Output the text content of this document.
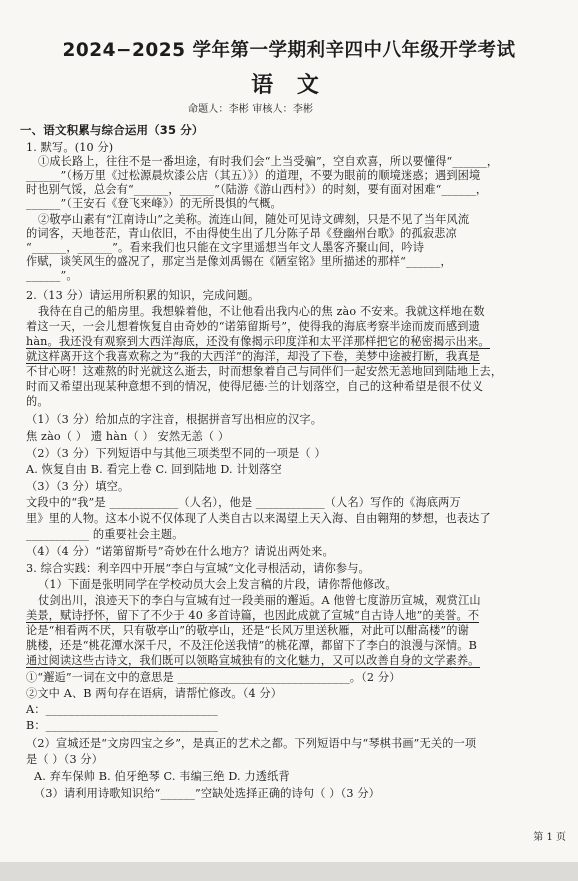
2024−2025 学年第一学期利辛四中八年级开学考试
语 文
命题人：李彬 审核人：李彬
一、语文积累与综合运用（35 分）
1. 默写。(10 分)
①成长路上，往往不是一番坦途，有时我们会“上当受骗”，空自欢喜，所以要懂得“______，
______”（杨万里《过松源晨炊漆公店（其五）》）的道理，不要为眼前的顺境迷惑；遇到困境
时也别气馁，总会有“______，______”（陆游《游山西村》）的时刻，要有面对困难“______，
______”（王安石《登飞来峰》）的无所畏惧的气概。
②敬亭山素有“江南诗山”之美称。流连山间，随处可见诗文碑刻，只是不见了当年风流
的词客，天地苍茫，青山依旧，不由得使生出了几分陈子昂《登幽州台歌》的孤寂悲凉
“______，______”。看来我们也只能在文字里遥想当年文人墨客齐聚山间，吟诗
作赋，谈笑风生的盛况了，那定当是像刘禹锡在《陋室铭》里所描述的那样“______，
______”。
2.（13 分）请运用所积累的知识，完成问题。
我待在自己的船房里。我想躲着他，不让他看出我内心的焦 zào 不安来。我就这样地在数
着这一天，一会儿想着恢复自由奇妙的“诺第留斯号”，使得我的海底考察半途而废而感到遗
hàn。我还没有观察到大西洋海底，还没有像揭示印度洋和太平洋那样把它的秘密揭示出来。
就这样离开这个我喜欢称之为“我的大西洋”的海洋，却没了下卷，美梦中途被打断，我真是
不甘心呀！这难熬的时光就这么逝去，时而想象着自己与同伴们一起安然无恙地回到陆地上去，
时而又希望出现某种意想不到的情况，使得尼德·兰的计划落空，自己的这种希望是很不仗义
的。
（1）（3 分）给加点的字注音，根据拼音写出相应的汉字。
焦 zào（ ） 遗 hàn（ ） 安然无恙（ ）
（2）（3 分）下列短语中与其他三项类型不同的一项是（ ）
A. 恢复自由 B. 看完上卷 C. 回到陆地 D. 计划落空
（3）（3 分）填空。
文段中的“我”是 ____________（人名），他是 ____________（人名）写作的《海底两万
里》里的人物。这本小说不仅体现了人类自古以来渴望上天入海、自由翱翔的梦想，也表达了
___________ 的重要社会主题。
（4）（4 分）“诺第留斯号”奇妙在什么地方？请说出两处来。
3. 综合实践：利辛四中开展“李白与宣城”文化寻根活动，请你参与。
（1）下面是张明同学在学校动员大会上发言稿的片段，请你帮他修改。
仗剑出川，浪迹天下的李白与宣城有过一段美丽的邂逅。A 他曾七度游历宣城，观赏江山
美景，赋诗抒怀，留下了不少于 40 多首诗篇，也因此成就了宣城“自古诗人地”的美誉。不
论是“相看两不厌，只有敬亭山”的敬亭山，还是“长风万里送秋雁，对此可以酣高楼”的谢
朓楼，还是“桃花潭水深千尺，不及汪伦送我情”的桃花潭，都留下了李白的浪漫与深情。B
通过阅读这些古诗文，我们既可以领略宣城独有的文化魅力，又可以改善自身的文学素养。
①“邂逅”一词在文中的意思是 ______________________________。（2 分）
②文中 A、B 两句存在语病，请帮忙修改。（4 分）
A：______________________________
B：______________________________
（2）宣城还是“文房四宝之乡”，是真正的艺术之都。下列短语中与“琴棋书画”无关的一项
是（ ）（3 分）
A. 弃车保帅 B. 伯牙绝琴 C. 韦编三绝 D. 力透纸背
（3）请利用诗歌知识给“______”空缺处选择正确的诗句（ ）（3 分）
第 1 页
